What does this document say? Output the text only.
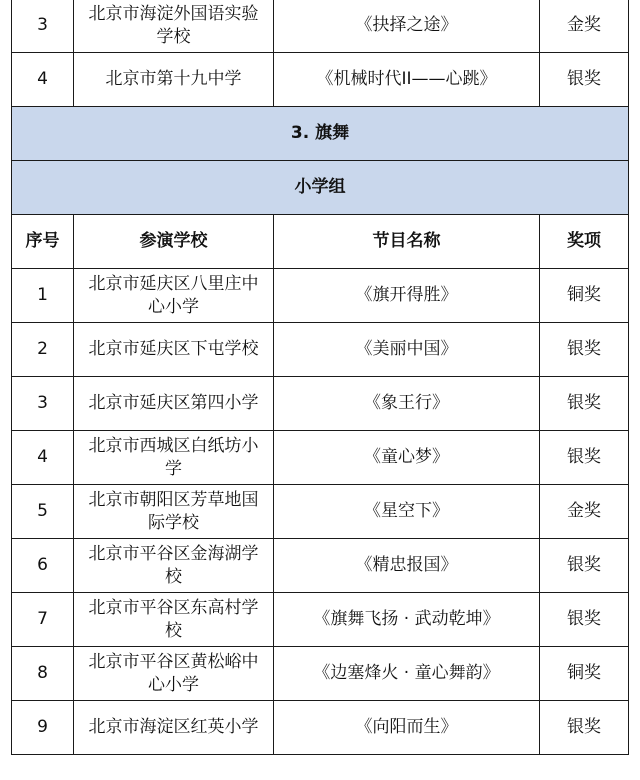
3	北京市海淀外国语实验学校	《抉择之途》	金奖
4	北京市第十九中学	《机械时代II——心跳》	银奖
3. 旗舞			
小学组			
序号	参演学校	节目名称	奖项
1	北京市延庆区八里庄中心小学	《旗开得胜》	铜奖
2	北京市延庆区下屯学校	《美丽中国》	银奖
3	北京市延庆区第四小学	《象王行》	银奖
4	北京市西城区白纸坊小学	《童心梦》	银奖
5	北京市朝阳区芳草地国际学校	《星空下》	金奖
6	北京市平谷区金海湖学校	《精忠报国》	银奖
7	北京市平谷区东高村学校	《旗舞飞扬 · 武动乾坤》	银奖
8	北京市平谷区黄松峪中心小学	《边塞烽火 · 童心舞韵》	铜奖
9	北京市海淀区红英小学	《向阳而生》	银奖
